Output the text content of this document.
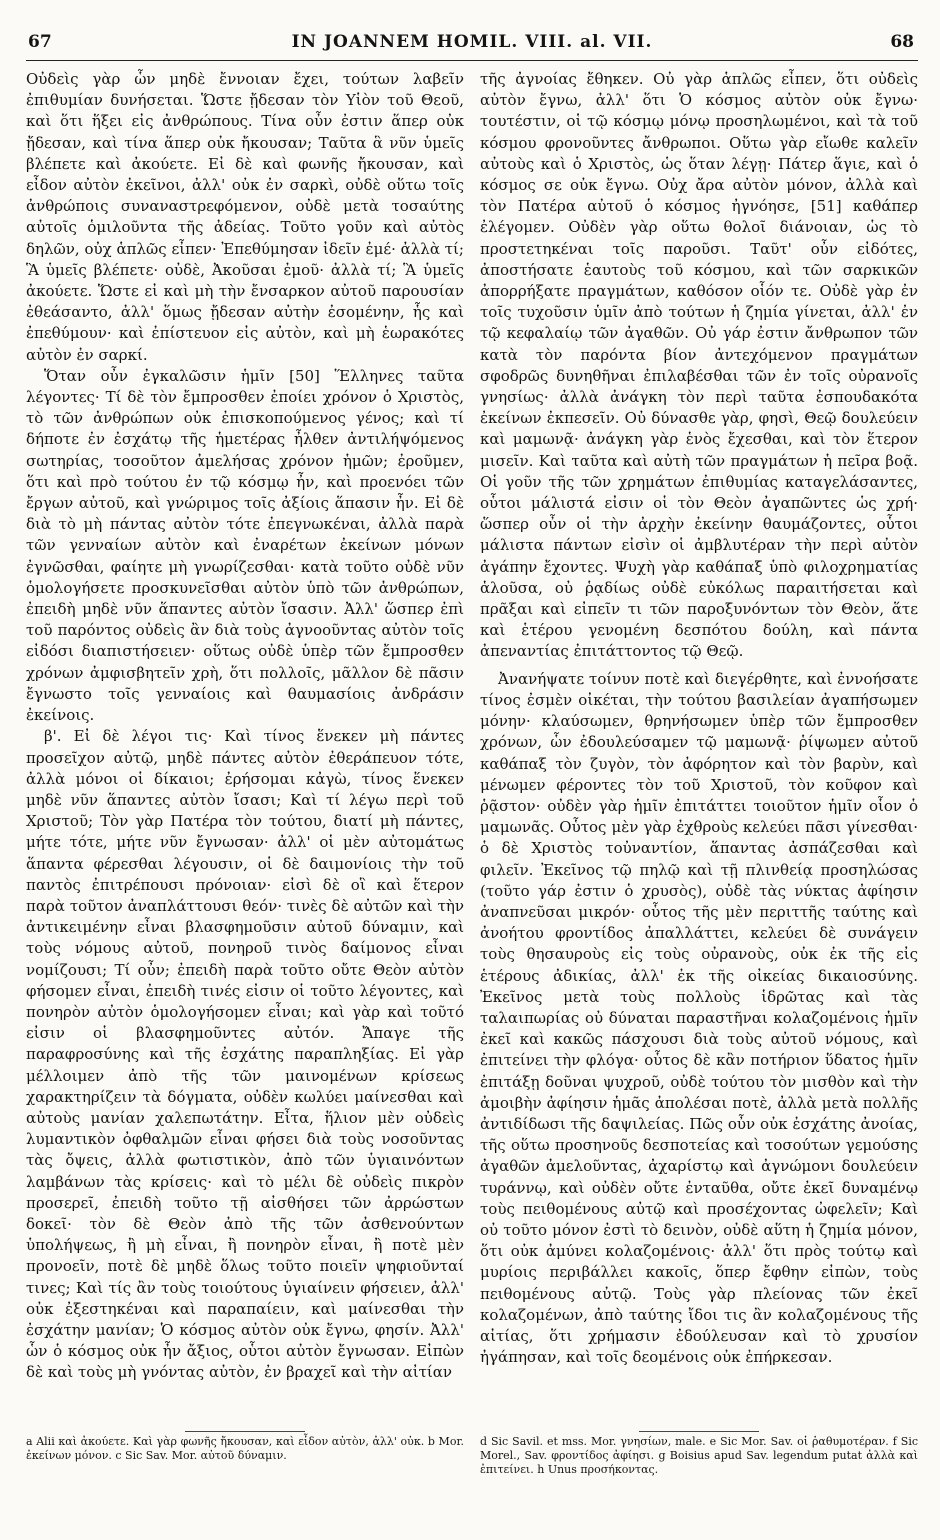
67	IN JOANNEM HOMIL. VIII. al. VII.	68

Οὐδεὶς γὰρ ὧν μηδὲ ἔννοιαν ἔχει, τούτων λαβεῖν ἐπιθυμίαν δυνήσεται. Ὥστε ᾔδεσαν τὸν Υἱὸν τοῦ Θεοῦ, καὶ ὅτι ἥξει εἰς ἀνθρώπους. Τίνα οὖν ἐστιν ἅπερ οὐκ ᾔδεσαν, καὶ τίνα ἅπερ οὐκ ἤκουσαν; Ταῦτα ἃ νῦν ὑμεῖς βλέπετε καὶ ἀκούετε. Εἰ δὲ καὶ φωνῆς ἤκουσαν, καὶ εἶδον αὐτὸν ἐκεῖνοι, ἀλλ' οὐκ ἐν σαρκὶ, οὐδὲ οὕτω τοῖς ἀνθρώποις συναναστρεφόμενον, οὐδὲ μετὰ τοσαύτης αὐτοῖς ὁμιλοῦντα τῆς ἀδείας. Τοῦτο γοῦν καὶ αὐτὸς δηλῶν, οὐχ ἁπλῶς εἶπεν· Ἐπεθύμησαν ἰδεῖν ἐμέ· ἀλλὰ τί; Ἃ ὑμεῖς βλέπετε· οὐδὲ, Ἀκοῦσαι ἐμοῦ· ἀλλὰ τί; Ἃ ὑμεῖς ἀκούετε. Ὥστε εἰ καὶ μὴ τὴν ἔνσαρκον αὐτοῦ παρουσίαν ἐθεάσαντο, ἀλλ' ὅμως ᾔδεσαν αὐτὴν ἐσομένην, ἧς καὶ ἐπεθύμουν· καὶ ἐπίστευον εἰς αὐτὸν, καὶ μὴ ἑωρακότες αὐτὸν ἐν σαρκί.

Ὅταν οὖν ἐγκαλῶσιν ἡμῖν [50] Ἕλληνες ταῦτα λέγοντες· Τί δὲ τὸν ἔμπροσθεν ἐποίει χρόνον ὁ Χριστὸς, τὸ τῶν ἀνθρώπων οὐκ ἐπισκοπούμενος γένος; καὶ τί δήποτε ἐν ἐσχάτῳ τῆς ἡμετέρας ἦλθεν ἀντιλήψόμενος σωτηρίας, τοσοῦτον ἀμελήσας χρόνον ἡμῶν; ἐροῦμεν, ὅτι καὶ πρὸ τούτου ἐν τῷ κόσμῳ ἦν, καὶ προενόει τῶν ἔργων αὐτοῦ, καὶ γνώριμος τοῖς ἀξίοις ἅπασιν ἦν. Εἰ δὲ διὰ τὸ μὴ πάντας αὐτὸν τότε ἐπεγνωκέναι, ἀλλὰ παρὰ τῶν γενναίων αὐτὸν καὶ ἐναρέτων ἐκείνων μόνων ἐγνῶσθαι, φαίητε μὴ γνωρίζεσθαι· κατὰ τοῦτο οὐδὲ νῦν ὁμολογήσετε προσκυνεῖσθαι αὐτὸν ὑπὸ τῶν ἀνθρώπων, ἐπειδὴ μηδὲ νῦν ἅπαντες αὐτὸν ἴσασιν. Ἀλλ' ὥσπερ ἐπὶ τοῦ παρόντος οὐδεὶς ἂν διὰ τοὺς ἀγνοοῦντας αὐτὸν τοῖς εἰδόσι διαπιστήσειεν· οὕτως οὐδὲ ὑπὲρ τῶν ἔμπροσθεν χρόνων ἀμφισβητεῖν χρὴ, ὅτι πολλοῖς, μᾶλλον δὲ πᾶσιν ἔγνωστο τοῖς γενναίοις καὶ θαυμασίοις ἀνδράσιν ἐκείνοις.

β'. Εἰ δὲ λέγοι τις· Καὶ τίνος ἕνεκεν μὴ πάντες προσεῖχον αὐτῷ, μηδὲ πάντες αὐτὸν ἐθεράπευον τότε, ἀλλὰ μόνοι οἱ δίκαιοι; ἐρήσομαι κἀγὼ, τίνος ἕνεκεν μηδὲ νῦν ἅπαντες αὐτὸν ἴσασι; Καὶ τί λέγω περὶ τοῦ Χριστοῦ; Τὸν γὰρ Πατέρα τὸν τούτου, διατί μὴ πάντες, μήτε τότε, μήτε νῦν ἔγνωσαν· ἀλλ' οἱ μὲν αὐτομάτως ἅπαντα φέρεσθαι λέγουσιν, οἱ δὲ δαιμονίοις τὴν τοῦ παντὸς ἐπιτρέπουσι πρόνοιαν· εἰσὶ δὲ οἳ καὶ ἕτερον παρὰ τοῦτον ἀναπλάττουσι θεόν· τινὲς δὲ αὐτῶν καὶ τὴν ἀντικειμένην εἶναι βλασφημοῦσιν αὐτοῦ δύναμιν, καὶ τοὺς νόμους αὐτοῦ, πονηροῦ τινὸς δαίμονος εἶναι νομίζουσι; Τί οὖν; ἐπειδὴ παρὰ τοῦτο οὔτε Θεὸν αὐτὸν φήσομεν εἶναι, ἐπειδὴ τινές εἰσιν οἱ τοῦτο λέγοντες, καὶ πονηρὸν αὐτὸν ὁμολογήσομεν εἶναι; καὶ γὰρ καὶ τοῦτό εἰσιν οἱ βλασφημοῦντες αὐτόν. Ἄπαγε τῆς παραφροσύνης καὶ τῆς ἐσχάτης παραπληξίας. Εἰ γὰρ μέλλοιμεν ἀπὸ τῆς τῶν μαινομένων κρίσεως χαρακτηρίζειν τὰ δόγματα, οὐδὲν κωλύει μαίνεσθαι καὶ αὐτοὺς μανίαν χαλεπωτάτην. Εἶτα, ἥλιον μὲν οὐδεὶς λυμαντικὸν ὀφθαλμῶν εἶναι φήσει διὰ τοὺς νοσοῦντας τὰς ὄψεις, ἀλλὰ φωτιστικὸν, ἀπὸ τῶν ὑγιαινόντων λαμβάνων τὰς κρίσεις· καὶ τὸ μέλι δὲ οὐδεὶς πικρὸν προσερεῖ, ἐπειδὴ τοῦτο τῇ αἰσθήσει τῶν ἀρρώστων δοκεῖ· τὸν δὲ Θεὸν ἀπὸ τῆς τῶν ἀσθενούντων ὑπολήψεως, ἢ μὴ εἶναι, ἢ πονηρὸν εἶναι, ἢ ποτὲ μὲν προνοεῖν, ποτὲ δὲ μηδὲ ὅλως τοῦτο ποιεῖν ψηφιοῦνταί τινες; Καὶ τίς ἂν τοὺς τοιούτους ὑγιαίνειν φήσειεν, ἀλλ' οὐκ ἐξεστηκέναι καὶ παραπαίειν, καὶ μαίνεσθαι τὴν ἐσχάτην μανίαν; Ὁ κόσμος αὐτὸν οὐκ ἔγνω, φησίν. Ἀλλ' ὧν ὁ κόσμος οὐκ ἦν ἄξιος, οὗτοι αὐτὸν ἔγνωσαν. Εἰπὼν δὲ καὶ τοὺς μὴ γνόντας αὐτὸν, ἐν βραχεῖ καὶ τὴν αἰτίαν

a Alii καὶ ἀκούετε. Καὶ γὰρ φωνῆς ἤκουσαν, καὶ εἶδον αὐτὸν, ἀλλ' οὐκ. b Mor. ἐκείνων μόνον. c Sic Sav. Mor. αὐτοῦ δύναμιν.

τῆς ἀγνοίας ἔθηκεν. Οὐ γὰρ ἁπλῶς εἶπεν, ὅτι οὐδεὶς αὐτὸν ἔγνω, ἀλλ' ὅτι Ὁ κόσμος αὐτὸν οὐκ ἔγνω· τουτέστιν, οἱ τῷ κόσμῳ μόνῳ προσηλωμένοι, καὶ τὰ τοῦ κόσμου φρονοῦντες ἄνθρωποι. Οὕτω γὰρ εἴωθε καλεῖν αὐτοὺς καὶ ὁ Χριστὸς, ὡς ὅταν λέγῃ· Πάτερ ἅγιε, καὶ ὁ κόσμος σε οὐκ ἔγνω. Οὐχ ἄρα αὐτὸν μόνον, ἀλλὰ καὶ τὸν Πατέρα αὐτοῦ ὁ κόσμος ἠγνόησε, [51] καθάπερ ἐλέγομεν. Οὐδὲν γὰρ οὕτω θολοῖ διάνοιαν, ὡς τὸ προστετηκέναι τοῖς παροῦσι. Ταῦτ' οὖν εἰδότες, ἀποστήσατε ἑαυτοὺς τοῦ κόσμου, καὶ τῶν σαρκικῶν ἀπορρήξατε πραγμάτων, καθόσον οἷόν τε. Οὐδὲ γὰρ ἐν τοῖς τυχοῦσιν ὑμῖν ἀπὸ τούτων ἡ ζημία γίνεται, ἀλλ' ἐν τῷ κεφαλαίῳ τῶν ἀγαθῶν. Οὐ γάρ ἐστιν ἄνθρωπον τῶν κατὰ τὸν παρόντα βίον ἀντεχόμενον πραγμάτων σφοδρῶς δυνηθῆναι ἐπιλαβέσθαι τῶν ἐν τοῖς οὐρανοῖς γνησίως· ἀλλὰ ἀνάγκη τὸν περὶ ταῦτα ἐσπουδακότα ἐκείνων ἐκπεσεῖν. Οὐ δύνασθε γὰρ, φησὶ, Θεῷ δουλεύειν καὶ μαμωνᾷ· ἀνάγκη γὰρ ἑνὸς ἔχεσθαι, καὶ τὸν ἕτερον μισεῖν. Καὶ ταῦτα καὶ αὐτὴ τῶν πραγμάτων ἡ πεῖρα βοᾷ. Οἱ γοῦν τῆς τῶν χρημάτων ἐπιθυμίας καταγελάσαντες, οὗτοι μάλιστά εἰσιν οἱ τὸν Θεὸν ἀγαπῶντες ὡς χρή· ὥσπερ οὖν οἱ τὴν ἀρχὴν ἐκείνην θαυμάζοντες, οὗτοι μάλιστα πάντων εἰσὶν οἱ ἀμβλυτέραν τὴν περὶ αὐτὸν ἀγάπην ἔχοντες. Ψυχὴ γὰρ καθάπαξ ὑπὸ φιλοχρηματίας ἁλοῦσα, οὐ ῥᾳδίως οὐδὲ εὐκόλως παραιτήσεται καὶ πρᾶξαι καὶ εἰπεῖν τι τῶν παροξυνόντων τὸν Θεὸν, ἅτε καὶ ἑτέρου γενομένη δεσπότου δούλη, καὶ πάντα ἀπεναντίας ἐπιτάττοντος τῷ Θεῷ.

Ἀνανήψατε τοίνυν ποτὲ καὶ διεγέρθητε, καὶ ἐννοήσατε τίνος ἐσμὲν οἰκέται, τὴν τούτου βασιλείαν ἀγαπήσωμεν μόνην· κλαύσωμεν, θρηνήσωμεν ὑπὲρ τῶν ἔμπροσθεν χρόνων, ὧν ἐδουλεύσαμεν τῷ μαμωνᾷ· ῥίψωμεν αὐτοῦ καθάπαξ τὸν ζυγὸν, τὸν ἀφόρητον καὶ τὸν βαρὺν, καὶ μένωμεν φέροντες τὸν τοῦ Χριστοῦ, τὸν κοῦφον καὶ ῥᾷστον· οὐδὲν γὰρ ἡμῖν ἐπιτάττει τοιοῦτον ἡμῖν οἷον ὁ μαμωνᾶς. Οὗτος μὲν γὰρ ἐχθροὺς κελεύει πᾶσι γίνεσθαι· ὁ δὲ Χριστὸς τοὐναντίον, ἅπαντας ἀσπάζεσθαι καὶ φιλεῖν. Ἐκεῖνος τῷ πηλῷ καὶ τῇ πλινθείᾳ προσηλώσας (τοῦτο γάρ ἐστιν ὁ χρυσὸς), οὐδὲ τὰς νύκτας ἀφίησιν ἀναπνεῦσαι μικρόν· οὗτος τῆς μὲν περιττῆς ταύτης καὶ ἀνοήτου φροντίδος ἀπαλλάττει, κελεύει δὲ συνάγειν τοὺς θησαυροὺς εἰς τοὺς οὐρανοὺς, οὐκ ἐκ τῆς εἰς ἑτέρους ἀδικίας, ἀλλ' ἐκ τῆς οἰκείας δικαιοσύνης. Ἐκεῖνος μετὰ τοὺς πολλοὺς ἱδρῶτας καὶ τὰς ταλαιπωρίας οὐ δύναται παραστῆναι κολαζομένοις ἡμῖν ἐκεῖ καὶ κακῶς πάσχουσι διὰ τοὺς αὐτοῦ νόμους, καὶ ἐπιτείνει τὴν φλόγα· οὗτος δὲ κἂν ποτήριον ὕδατος ἡμῖν ἐπιτάξῃ δοῦναι ψυχροῦ, οὐδὲ τούτου τὸν μισθὸν καὶ τὴν ἀμοιβὴν ἀφίησιν ἡμᾶς ἀπολέσαι ποτὲ, ἀλλὰ μετὰ πολλῆς ἀντιδίδωσι τῆς δαψιλείας. Πῶς οὖν οὐκ ἐσχάτης ἀνοίας, τῆς οὕτω προσηνοῦς δεσποτείας καὶ τοσούτων γεμούσης ἀγαθῶν ἀμελοῦντας, ἀχαρίστῳ καὶ ἀγνώμονι δουλεύειν τυράννῳ, καὶ οὐδὲν οὔτε ἐνταῦθα, οὔτε ἐκεῖ δυναμένῳ τοὺς πειθομένους αὐτῷ καὶ προσέχοντας ὠφελεῖν; Καὶ οὐ τοῦτο μόνον ἐστὶ τὸ δεινὸν, οὐδὲ αὕτη ἡ ζημία μόνον, ὅτι οὐκ ἀμύνει κολαζομένοις· ἀλλ' ὅτι πρὸς τούτῳ καὶ μυρίοις περιβάλλει κακοῖς, ὅπερ ἔφθην εἰπὼν, τοὺς πειθομένους αὐτῷ. Τοὺς γὰρ πλείονας τῶν ἐκεῖ κολαζομένων, ἀπὸ ταύτης ἴδοι τις ἂν κολαζομένους τῆς αἰτίας, ὅτι χρήμασιν ἐδούλευσαν καὶ τὸ χρυσίον ἠγάπησαν, καὶ τοῖς δεομένοις οὐκ ἐπήρκεσαν.

d Sic Savil. et mss. Mor. γνησίων, male. e Sic Mor. Sav. οἱ ῥαθυμοτέραν. f Sic Morel., Sav. φροντίδος ἀφίησι. g Boisius apud Sav. legendum putat ἀλλὰ καὶ ἐπιτείνει. h Unus προσήκοντας.
